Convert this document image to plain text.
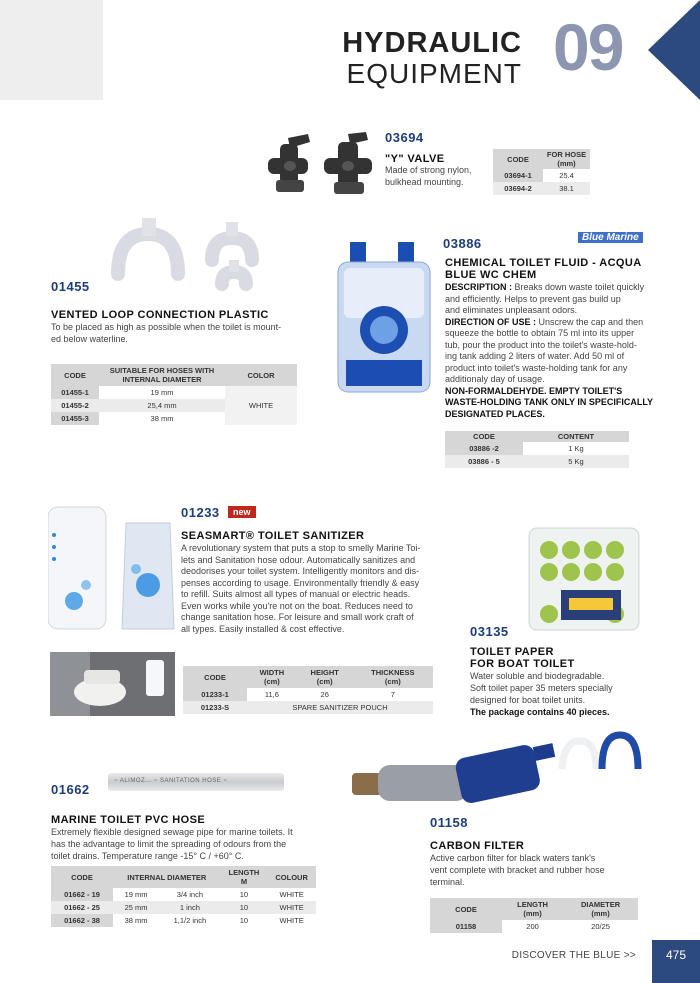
HYDRAULIC
EQUIPMENT 09
03694
"Y" VALVE
Made of strong nylon,
bulkhead mounting.
CODE	FOR HOSE
(mm)
03694-1	25.4
03694-2	38.1
01455
VENTED LOOP CONNECTION PLASTIC
To be placed as high as possible when the toilet is mount-
ed below waterline.
CODE	SUITABLE FOR HOSES WITH
INTERNAL DIAMETER	COLOR
01455-1	19 mm	WHITE
01455-2	25,4 mm	
01455-3	38 mm	
03886	Blue Marine
CHEMICAL TOILET FLUID - ACQUA
BLUE WC CHEM
DESCRIPTION : Breaks down waste toilet quickly
and efficiently. Helps to prevent gas build up
and eliminates unpleasant odors.
DIRECTION OF USE : Unscrew the cap and then
squeeze the bottle to obtain 75 ml into its upper
tub, pour the product into the toilet's waste-hold-
ing tank adding 2 liters of water. Add 50 ml of
product into toilet's waste-holding tank for any
additionaly day of usage.
NON-FORMALDEHYDE. EMPTY TOILET'S
WASTE-HOLDING TANK ONLY IN SPECIFICALLY
DESIGNATED PLACES.
CODE	CONTENT
03886 -2	1 Kg
03886 - 5	5 Kg
01233	new
SEASMART® TOILET SANITIZER
A revolutionary system that puts a stop to smelly Marine Toi-
lets and Sanitation hose odour. Automatically sanitizes and
deodorises your toilet system. Intelligently monitors and dis-
penses according to usage. Environmentally friendly & easy
to refill. Suits almost all types of manual or electric heads.
Even works while you're not on the boat. Reduces need to
change sanitation hose. For leisure and small work craft of
all types. Easily installed & cost effective.
CODE	WIDTH
(cm)	HEIGHT
(cm)	THICKNESS
(cm)
01233-1	11,6	26	7
01233-S	SPARE SANITIZER POUCH		
03135
TOILET PAPER
FOR BOAT TOILET
Water soluble and biodegradable.
Soft toilet paper 35 meters specially
designed for boat toilet units.
The package contains 40 pieces.
~ ALIMOZ... ~ SANITATION HOSE ~
01662
MARINE TOILET PVC HOSE
Extremely flexible designed sewage pipe for marine toilets. It
has the advantage to limit the spreading of odours from the
toilet drains. Temperature range -15° C / +60° C.
CODE	INTERNAL DIAMETER		LENGTH
M	COLOUR
01662 - 19	19 mm	3/4 inch	10	WHITE
01662 - 25	25 mm	1 inch	10	WHITE
01662 - 38	38 mm	1,1/2 inch	10	WHITE
01158
CARBON FILTER
Active carbon filter for black waters tank's
vent complete with bracket and rubber hose
terminal.
CODE	LENGTH
(mm)	DIAMETER
(mm)
01158	200	20/25
DISCOVER THE BLUE >>	475
